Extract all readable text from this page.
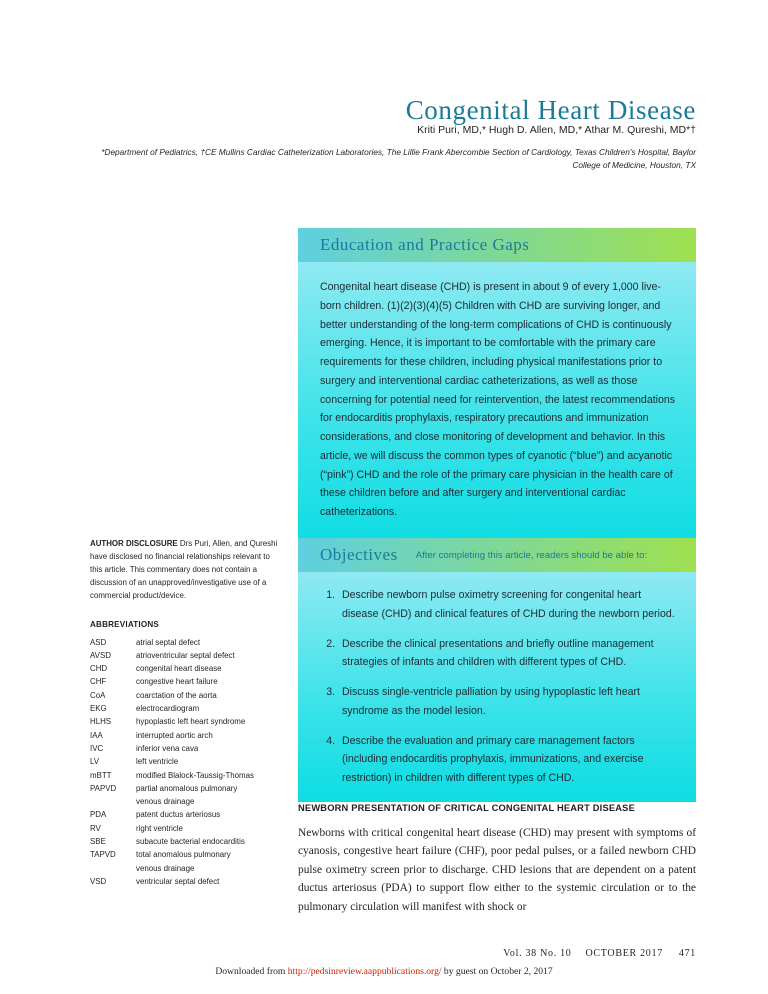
Congenital Heart Disease
Kriti Puri, MD,* Hugh D. Allen, MD,* Athar M. Qureshi, MD*†
*Department of Pediatrics, †CE Mullins Cardiac Catheterization Laboratories, The Lillie Frank Abercombie Section of Cardiology, Texas Children's Hospital, Baylor College of Medicine, Houston, TX
Education and Practice Gaps
Congenital heart disease (CHD) is present in about 9 of every 1,000 live-born children. (1)(2)(3)(4)(5) Children with CHD are surviving longer, and better understanding of the long-term complications of CHD is continuously emerging. Hence, it is important to be comfortable with the primary care requirements for these children, including physical manifestations prior to surgery and interventional cardiac catheterizations, as well as those concerning for potential need for reintervention, the latest recommendations for endocarditis prophylaxis, respiratory precautions and immunization considerations, and close monitoring of development and behavior. In this article, we will discuss the common types of cyanotic (“blue”) and acyanotic (“pink”) CHD and the role of the primary care physician in the health care of these children before and after surgery and interventional cardiac catheterizations.
Objectives After completing this article, readers should be able to:
1. Describe newborn pulse oximetry screening for congenital heart disease (CHD) and clinical features of CHD during the newborn period.
2. Describe the clinical presentations and briefly outline management strategies of infants and children with different types of CHD.
3. Discuss single-ventricle palliation by using hypoplastic left heart syndrome as the model lesion.
4. Describe the evaluation and primary care management factors (including endocarditis prophylaxis, immunizations, and exercise restriction) in children with different types of CHD.
AUTHOR DISCLOSURE Drs Puri, Allen, and Qureshi have disclosed no financial relationships relevant to this article. This commentary does not contain a discussion of an unapproved/investigative use of a commercial product/device.
ABBREVIATIONS
ASD	atrial septal defect
AVSD	atrioventricular septal defect
CHD	congenital heart disease
CHF	congestive heart failure
CoA	coarctation of the aorta
EKG	electrocardiogram
HLHS	hypoplastic left heart syndrome
IAA	interrupted aortic arch
IVC	inferior vena cava
LV	left ventricle
mBTT	modified Blalock-Taussig-Thomas
PAPVD	partial anomalous pulmonary
	venous drainage
PDA	patent ductus arteriosus
RV	right ventricle
SBE	subacute bacterial endocarditis
TAPVD	total anomalous pulmonary
	venous drainage
VSD	ventricular septal defect
NEWBORN PRESENTATION OF CRITICAL CONGENITAL HEART DISEASE
Newborns with critical congenital heart disease (CHD) may present with symptoms of cyanosis, congestive heart failure (CHF), poor pedal pulses, or a failed newborn CHD pulse oximetry screen prior to discharge. CHD lesions that are dependent on a patent ductus arteriosus (PDA) to support flow either to the systemic circulation or to the pulmonary circulation will manifest with shock or
Vol. 38 No. 10 OCTOBER 2017 471
Downloaded from http://pedsinreview.aappublications.org/ by guest on October 2, 2017
